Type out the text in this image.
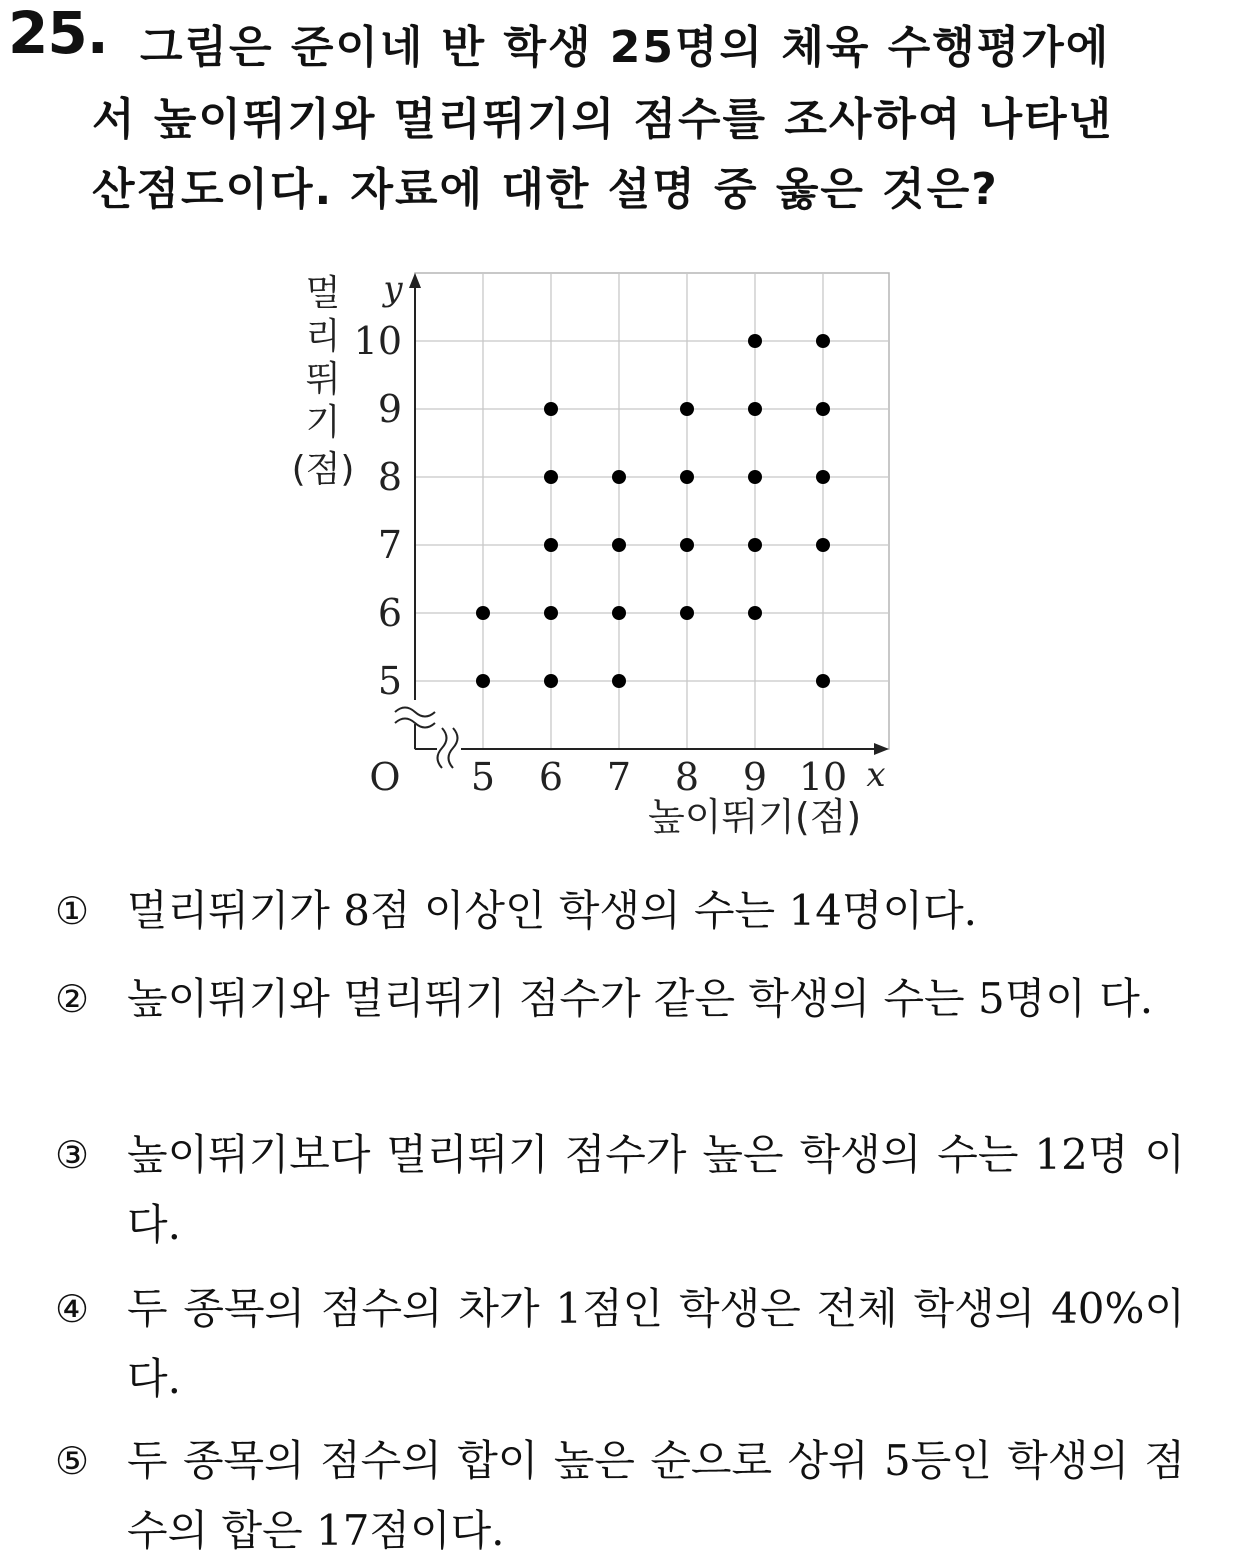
25. 그림은 준이네 반 학생 25명의 체육 수행평가에
서 높이뛰기와 멀리뛰기의 점수를 조사하여 나타낸
산점도이다. 자료에 대한 설명 중 옳은 것은?
5 6 7 8 9 10
5
6
7
8
9
10
O	x
y
높이뛰기(점)
멀 리 뛰 기 (점)
① 멀리뛰기가 8점 이상인 학생의 수는 14명이다.
② 높이뛰기와 멀리뛰기 점수가 같은 학생의 수는 5명이 다.
③ 높이뛰기보다 멀리뛰기 점수가 높은 학생의 수는 12명 이다.
④ 두 종목의 점수의 차가 1점인 학생은 전체 학생의 40%이다.
⑤ 두 종목의 점수의 합이 높은 순으로 상위 5등인 학생의 점수의 합은 17점이다.
